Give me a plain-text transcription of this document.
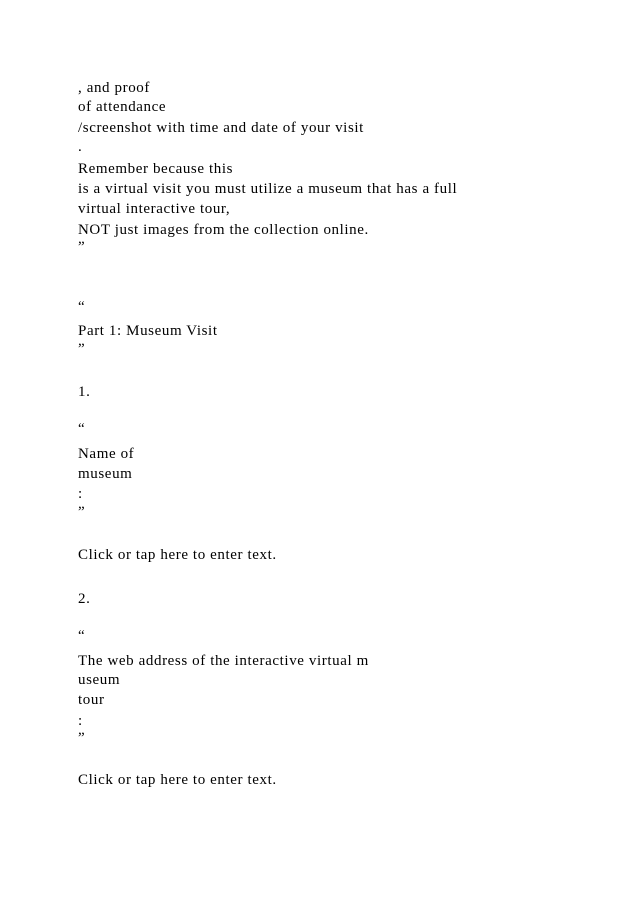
, and proof
of attendance
/screenshot with time and date of your visit
.
Remember because this
is a virtual visit you must utilize a museum that has a full
virtual interactive tour,
NOT just images from the collection online.
”
“
Part 1: Museum Visit
”
1.
“
Name of
museum
:
”
Click or tap here to enter text.
2.
“
The web address of the interactive virtual m
useum
tour
:
”
Click or tap here to enter text.
